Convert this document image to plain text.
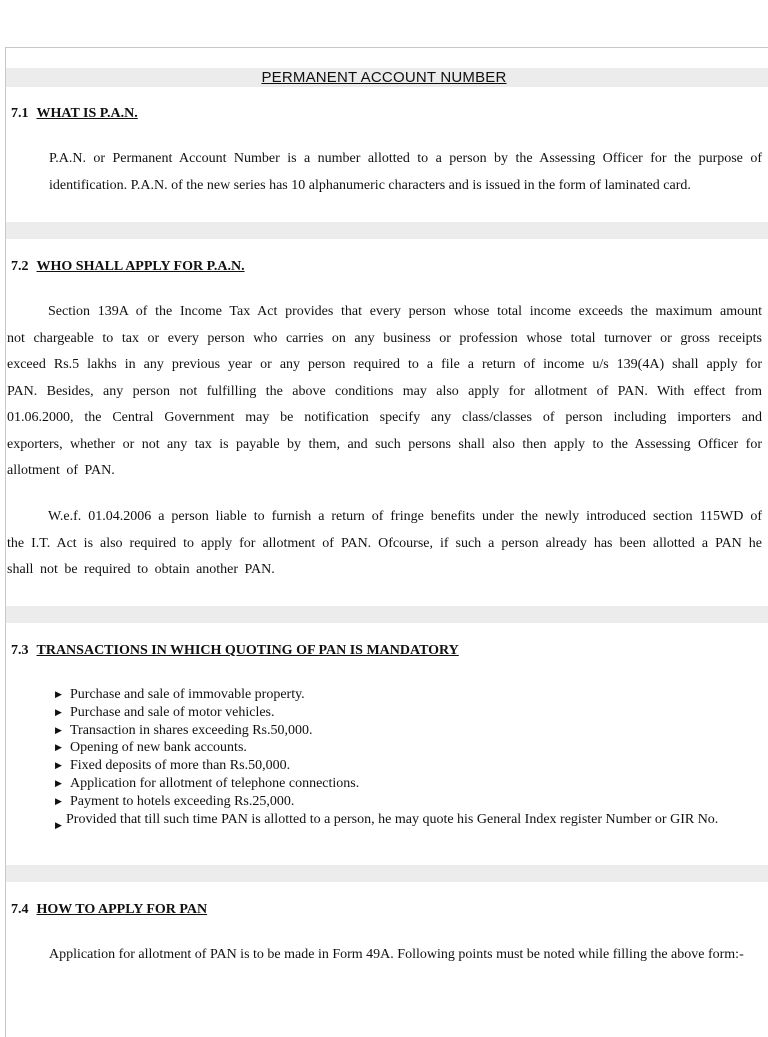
PERMANENT ACCOUNT NUMBER
7.1 WHAT IS P.A.N.
P.A.N. or Permanent Account Number is a number allotted to a person by the Assessing Officer for the purpose of identification. P.A.N. of the new series has 10 alphanumeric characters and is issued in the form of laminated card.
7.2 WHO SHALL APPLY FOR P.A.N.
Section 139A of the Income Tax Act provides that every person whose total income exceeds the maximum amount not chargeable to tax or every person who carries on any business or profession whose total turnover or gross receipts exceed Rs.5 lakhs in any previous year or any person required to a file a return of income u/s 139(4A) shall apply for PAN. Besides, any person not fulfilling the above conditions may also apply for allotment of PAN. With effect from 01.06.2000, the Central Government may be notification specify any class/classes of person including importers and exporters, whether or not any tax is payable by them, and such persons shall also then apply to the Assessing Officer for allotment of PAN.
W.e.f. 01.04.2006 a person liable to furnish a return of fringe benefits under the newly introduced section 115WD of the I.T. Act is also required to apply for allotment of PAN. Ofcourse, if such a person already has been allotted a PAN he shall not be required to obtain another PAN.
7.3 TRANSACTIONS IN WHICH QUOTING OF PAN IS MANDATORY
▶ Purchase and sale of immovable property.
▶ Purchase and sale of motor vehicles.
▶ Transaction in shares exceeding Rs.50,000.
▶ Opening of new bank accounts.
▶ Fixed deposits of more than Rs.50,000.
▶ Application for allotment of telephone connections.
▶ Payment to hotels exceeding Rs.25,000.
▶ Provided that till such time PAN is allotted to a person, he may quote his General Index register Number or GIR No.
7.4 HOW TO APPLY FOR PAN
Application for allotment of PAN is to be made in Form 49A. Following points must be noted while filling the above form:-
